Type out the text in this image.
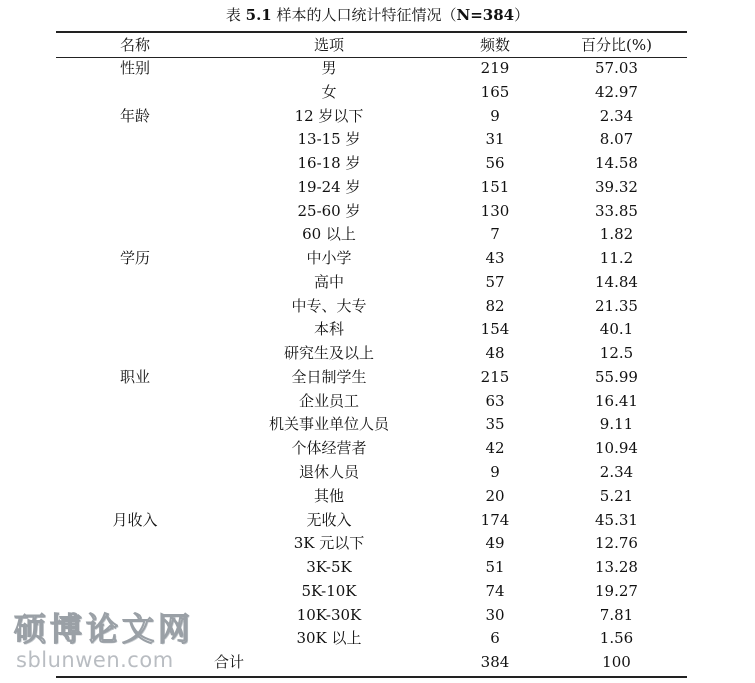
表 5.1 样本的人口统计特征情况（N=384）
名称	选项	频数	百分比(%)
性别	男	219	57.03
	女	165	42.97
年龄	12 岁以下	9	2.34
	13-15 岁	31	8.07
	16-18 岁	56	14.58
	19-24 岁	151	39.32
	25-60 岁	130	33.85
	60 以上	7	1.82
学历	中小学	43	11.2
	高中	57	14.84
	中专、大专	82	21.35
	本科	154	40.1
	研究生及以上	48	12.5
职业	全日制学生	215	55.99
	企业员工	63	16.41
	机关事业单位人员	35	9.11
	个体经营者	42	10.94
	退休人员	9	2.34
	其他	20	5.21
月收入	无收入	174	45.31
	3K 元以下	49	12.76
	3K-5K	51	13.28
	5K-10K	74	19.27
	10K-30K	30	7.81
	30K 以上	6	1.56
合计		384	100
硕博论文网
sblunwen.com
